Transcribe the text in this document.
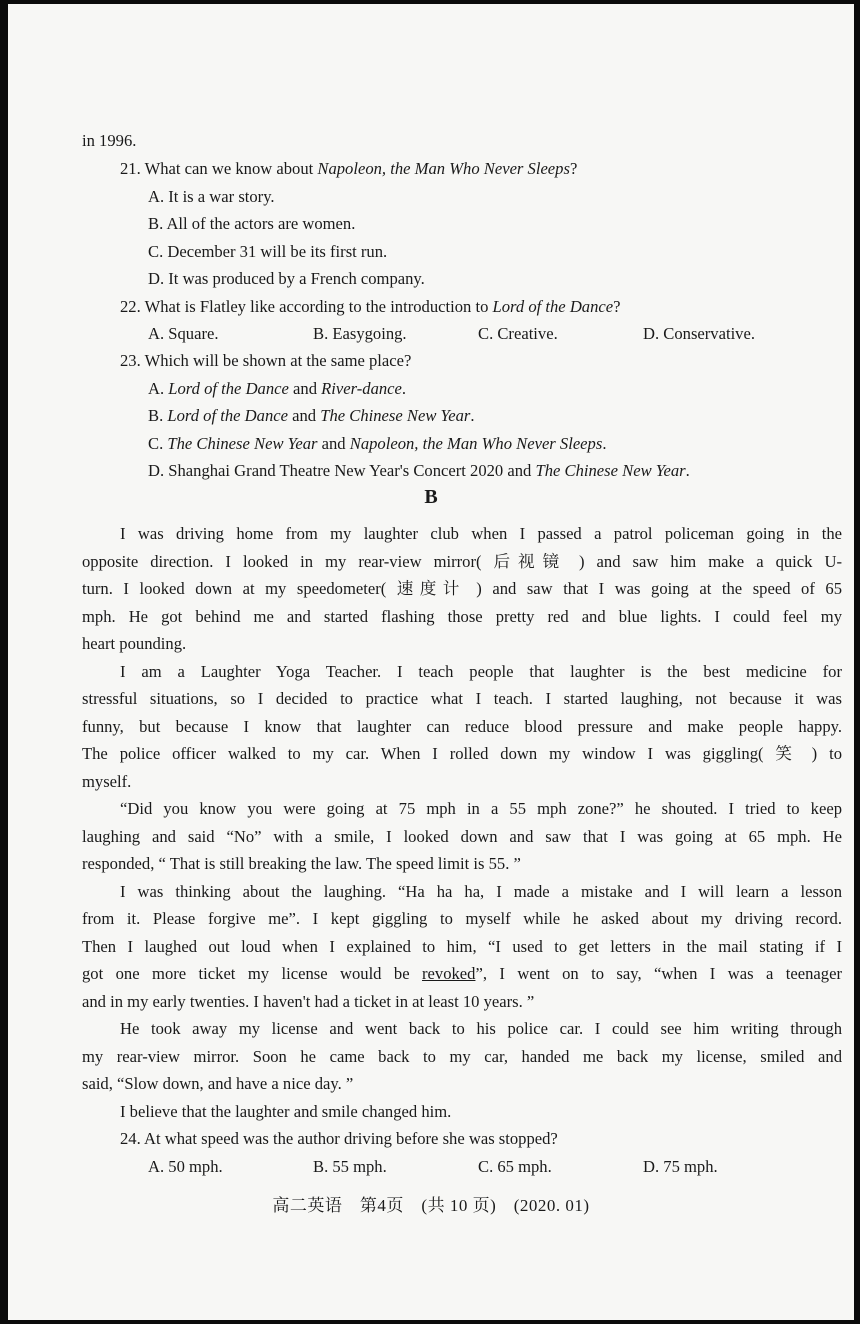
in 1996.
21. What can we know about Napoleon, the Man Who Never Sleeps?
A. It is a war story.
B. All of the actors are women.
C. December 31 will be its first run.
D. It was produced by a French company.
22. What is Flatley like according to the introduction to Lord of the Dance?
23. Which will be shown at the same place?
A. Lord of the Dance and River-dance.
B. Lord of the Dance and The Chinese New Year.
C. The Chinese New Year and Napoleon, the Man Who Never Sleeps.
D. Shanghai Grand Theatre New Year's Concert 2020 and The Chinese New Year.
B
I was driving home from my laughter club when I passed a patrol policeman going in the
opposite direction. I looked in my rear-view mirror( 后视镜 ) and saw him make a quick U-
turn. I looked down at my speedometer( 速度计 ) and saw that I was going at the speed of 65
mph. He got behind me and started flashing those pretty red and blue lights. I could feel my
heart pounding.
I am a Laughter Yoga Teacher. I teach people that laughter is the best medicine for
stressful situations, so I decided to practice what I teach. I started laughing, not because it was
funny, but because I know that laughter can reduce blood pressure and make people happy.
The police officer walked to my car. When I rolled down my window I was giggling( 笑 ) to
myself.
“Did you know you were going at 75 mph in a 55 mph zone?” he shouted. I tried to keep
laughing and said “No” with a smile, I looked down and saw that I was going at 65 mph. He
responded, “ That is still breaking the law. The speed limit is 55. ”
I was thinking about the laughing. “Ha ha ha, I made a mistake and I will learn a lesson
from it. Please forgive me”. I kept giggling to myself while he asked about my driving record.
Then I laughed out loud when I explained to him, “I used to get letters in the mail stating if I
got one more ticket my license would be revoked”, I went on to say, “when I was a teenager
and in my early twenties. I haven't had a ticket in at least 10 years. ”
He took away my license and went back to his police car. I could see him writing through
my rear-view mirror. Soon he came back to my car, handed me back my license, smiled and
said, “Slow down, and have a nice day. ”
I believe that the laughter and smile changed him.
24. At what speed was the author driving before she was stopped?
A. Square.	B. Easygoing.	C. Creative.	D. Conservative.
A. 50 mph.	B. 55 mph.	C. 65 mph.	D. 75 mph.
高二英语　第4页　(共 10 页)　(2020. 01)
